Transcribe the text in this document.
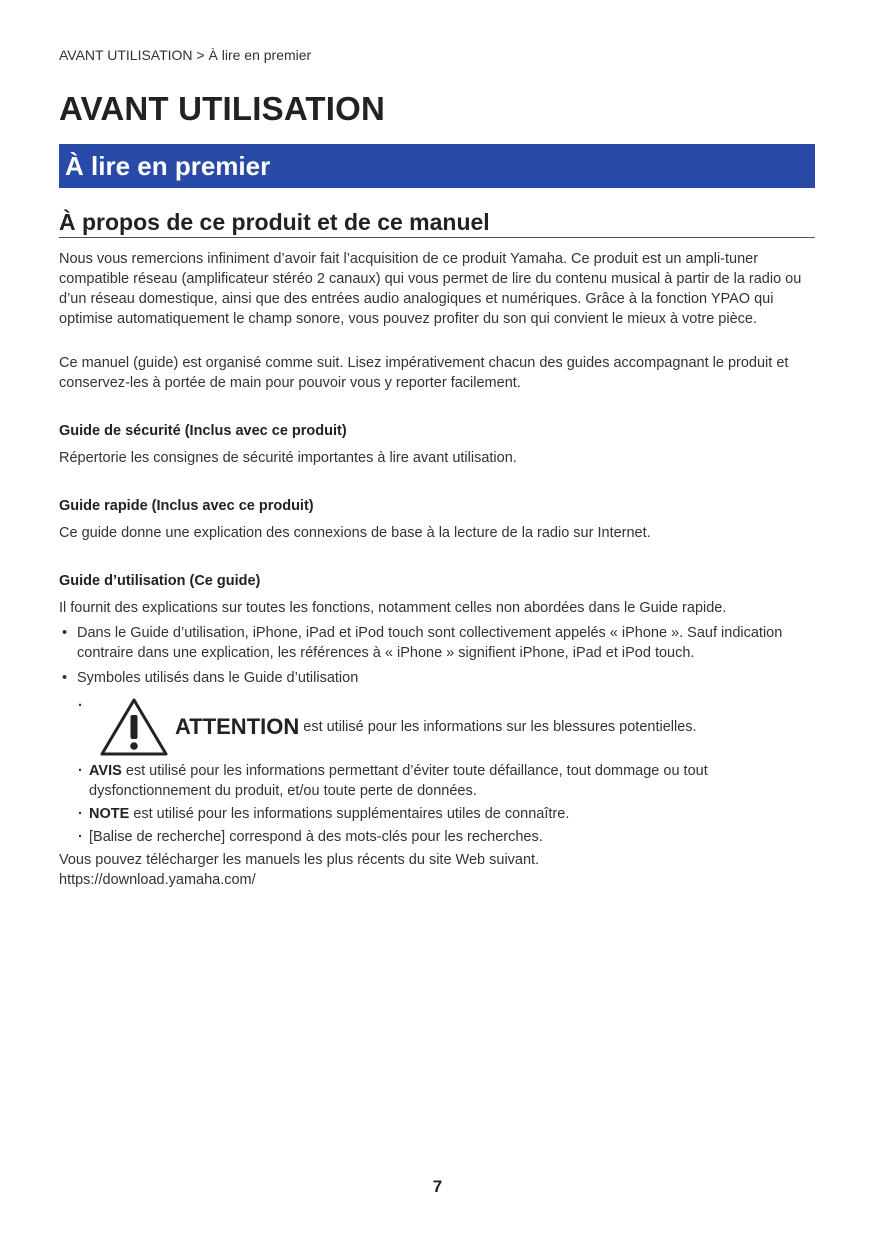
AVANT UTILISATION > À lire en premier
AVANT UTILISATION
À lire en premier
À propos de ce produit et de ce manuel

Nous vous remercions infiniment d’avoir fait l’acquisition de ce produit Yamaha. Ce produit est un ampli-tuner compatible réseau (amplificateur stéréo 2 canaux) qui vous permet de lire du contenu musical à partir de la radio ou d’un réseau domestique, ainsi que des entrées audio analogiques et numériques. Grâce à la fonction YPAO qui optimise automatiquement le champ sonore, vous pouvez profiter du son qui convient le mieux à votre pièce.

Ce manuel (guide) est organisé comme suit. Lisez impérativement chacun des guides accompagnant le produit et conservez-les à portée de main pour pouvoir vous y reporter facilement.

Guide de sécurité (Inclus avec ce produit)

Répertorie les consignes de sécurité importantes à lire avant utilisation.

Guide rapide (Inclus avec ce produit)

Ce guide donne une explication des connexions de base à la lecture de la radio sur Internet.

Guide d’utilisation (Ce guide)

Il fournit des explications sur toutes les fonctions, notamment celles non abordées dans le Guide rapide.

• Dans le Guide d’utilisation, iPhone, iPad et iPod touch sont collectivement appelés « iPhone ». Sauf indication contraire dans une explication, les références à « iPhone » signifient iPhone, iPad et iPod touch.
• Symboles utilisés dans le Guide d’utilisation
· ATTENTION est utilisé pour les informations sur les blessures potentielles.
· AVIS est utilisé pour les informations permettant d’éviter toute défaillance, tout dommage ou tout dysfonctionnement du produit, et/ou toute perte de données.
· NOTE est utilisé pour les informations supplémentaires utiles de connaître.
· [Balise de recherche] correspond à des mots-clés pour les recherches.
Vous pouvez télécharger les manuels les plus récents du site Web suivant.
https://download.yamaha.com/
7
